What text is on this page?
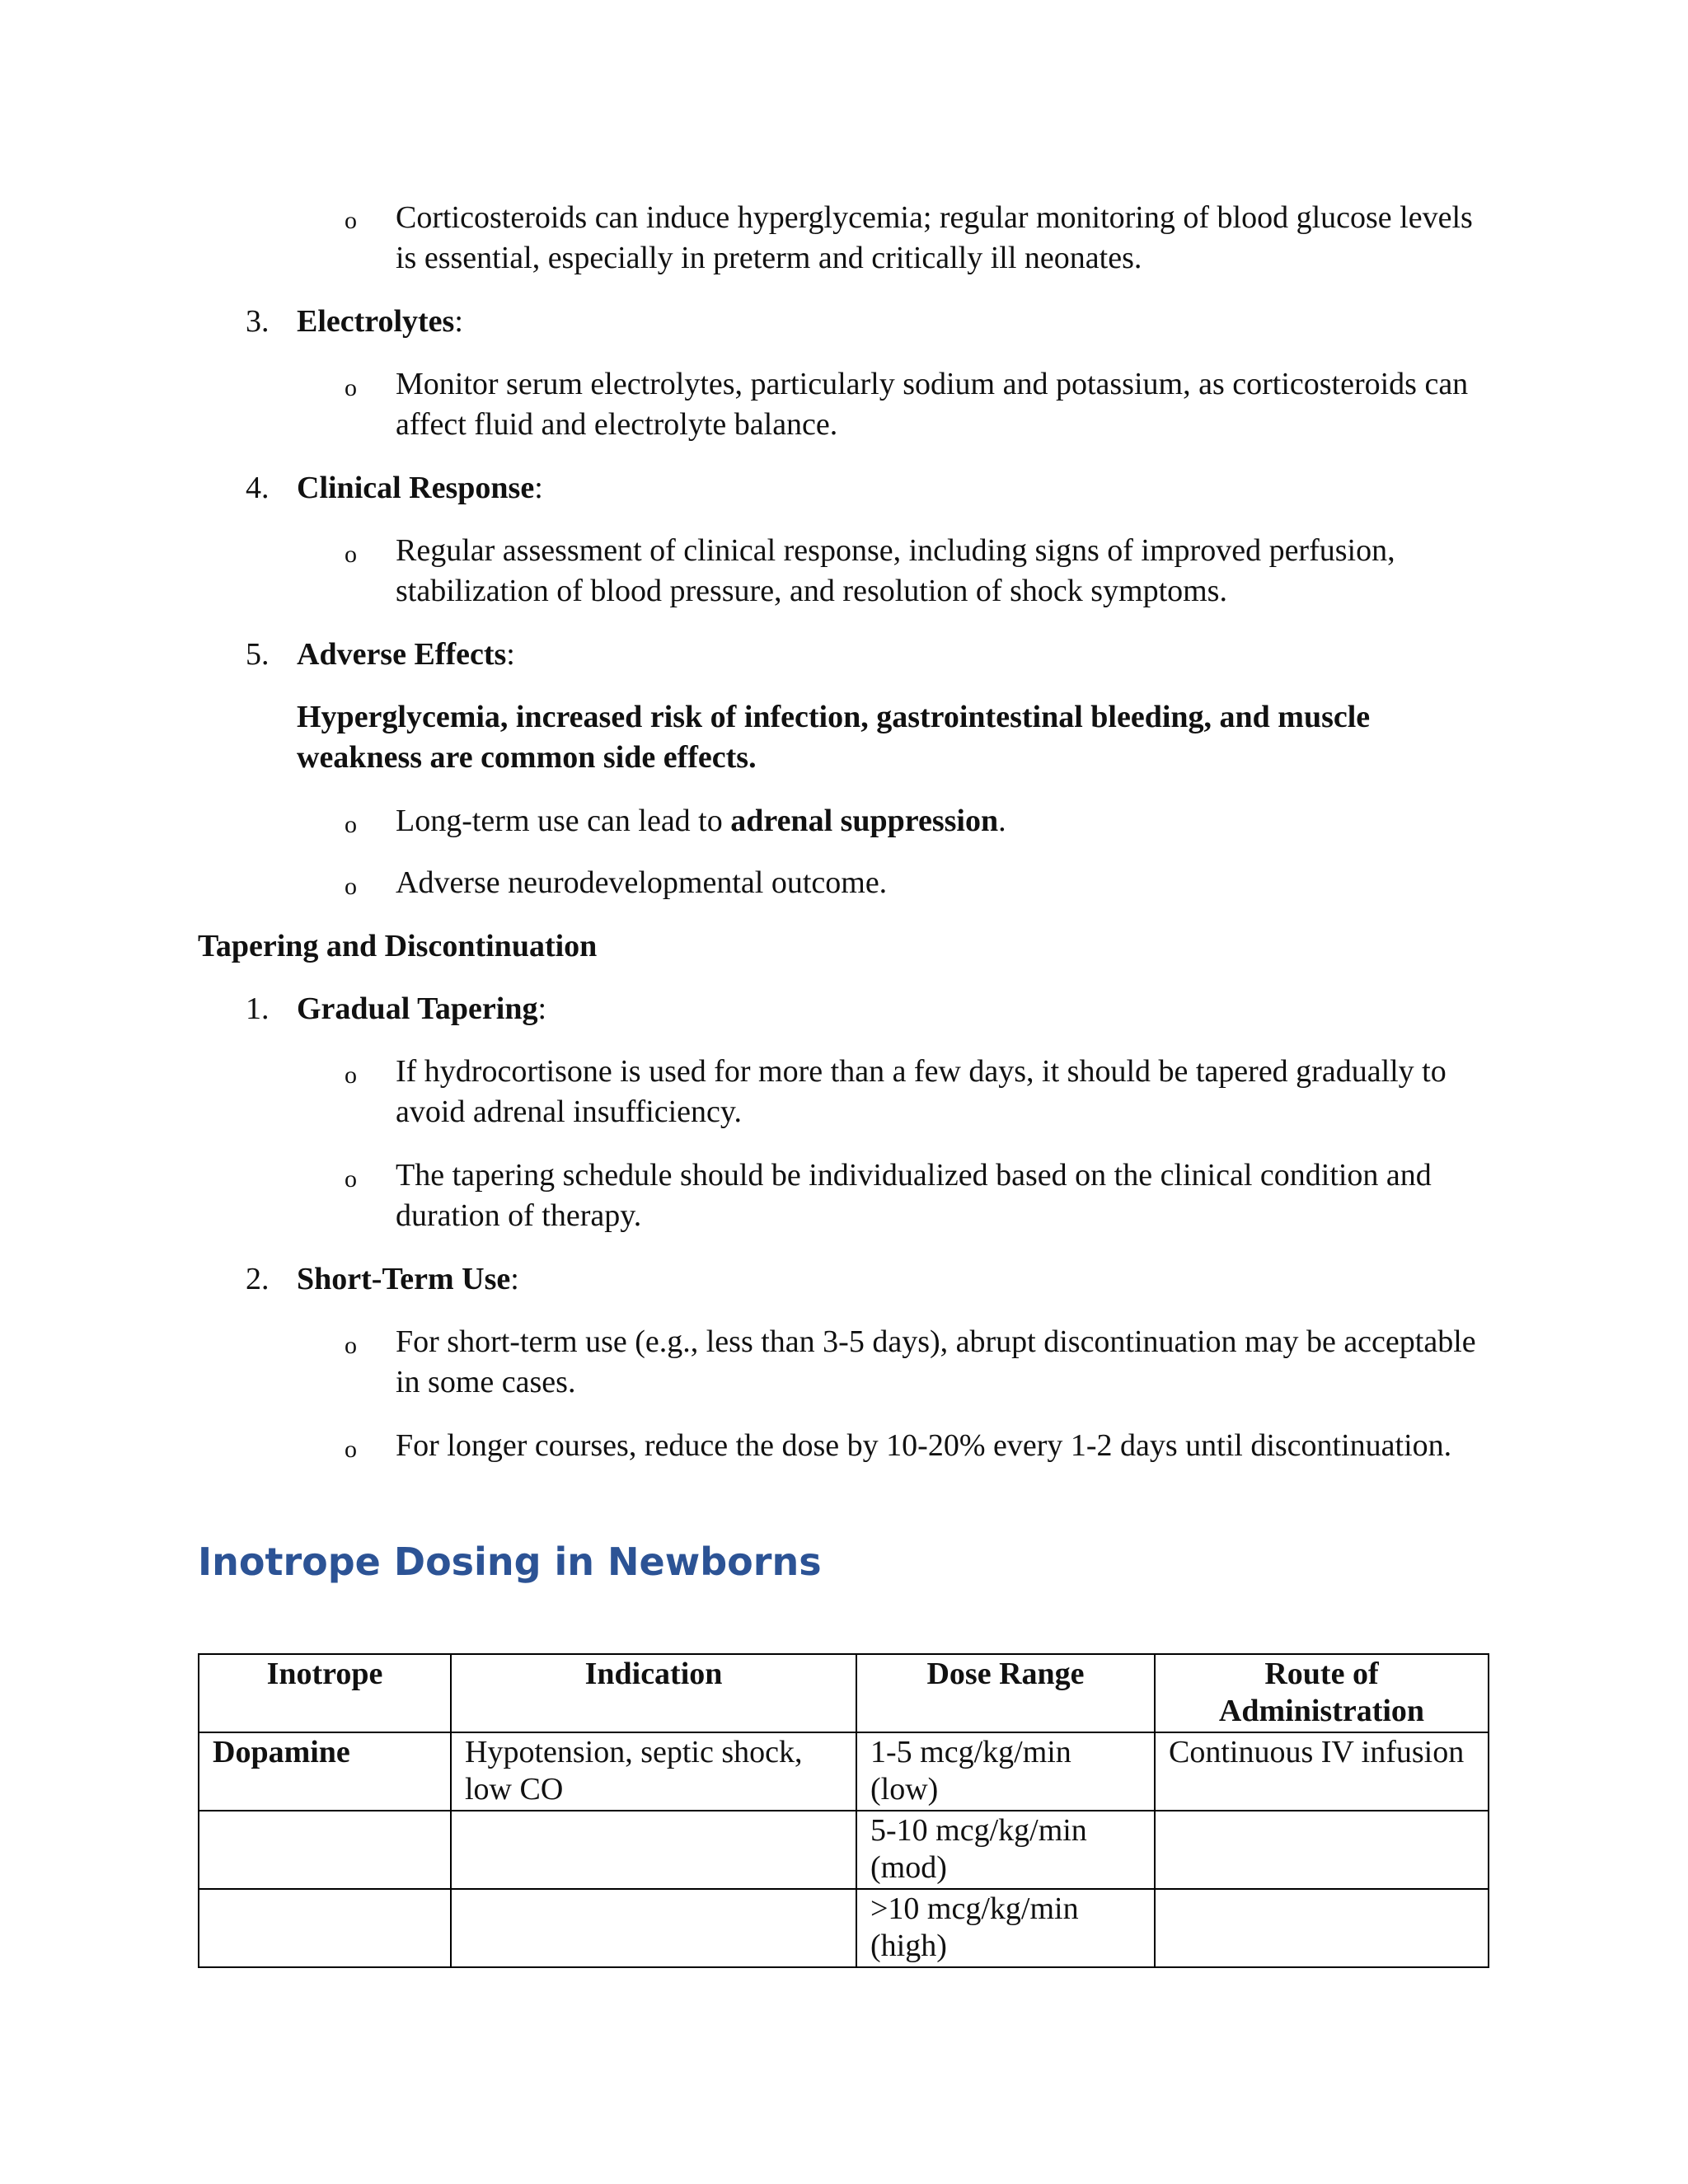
o Corticosteroids can induce hyperglycemia; regular monitoring of blood glucose levels is essential, especially in preterm and critically ill neonates.
3. Electrolytes:
o Monitor serum electrolytes, particularly sodium and potassium, as corticosteroids can affect fluid and electrolyte balance.
4. Clinical Response:
o Regular assessment of clinical response, including signs of improved perfusion, stabilization of blood pressure, and resolution of shock symptoms.
5. Adverse Effects:
Hyperglycemia, increased risk of infection, gastrointestinal bleeding, and muscle weakness are common side effects.
o Long-term use can lead to adrenal suppression.
o Adverse neurodevelopmental outcome.
Tapering and Discontinuation
1. Gradual Tapering:
o If hydrocortisone is used for more than a few days, it should be tapered gradually to avoid adrenal insufficiency.
o The tapering schedule should be individualized based on the clinical condition and duration of therapy.
2. Short-Term Use:
o For short-term use (e.g., less than 3-5 days), abrupt discontinuation may be acceptable in some cases.
o For longer courses, reduce the dose by 10-20% every 1-2 days until discontinuation.
Inotrope Dosing in Newborns
Inotrope	Indication	Dose Range	Route of Administration
Dopamine	Hypotension, septic shock, low CO	1-5 mcg/kg/min (low)	Continuous IV infusion
		5-10 mcg/kg/min (mod)	
		>10 mcg/kg/min (high)	
